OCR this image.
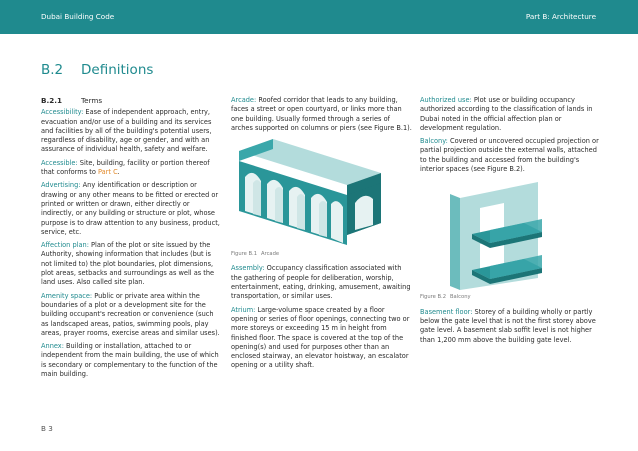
Dubai Building Code	Part B: Architecture
B.2 Definitions
B.2.1	Terms

Accessibility: Ease of independent approach, entry, evacuation and/or use of a building and its services and facilities by all of the building's potential users, regardless of disability, age or gender, and with an assurance of individual health, safety and welfare.

Accessible: Site, building, facility or portion thereof that conforms to Part C.

Advertising: Any identification or description or drawing or any other means to be fitted or erected or printed or written or drawn, either directly or indirectly, or any building or structure or plot, whose purpose is to draw attention to any business, product, service, etc.

Affection plan: Plan of the plot or site issued by the Authority, showing information that includes (but is not limited to) the plot boundaries, plot dimensions, plot areas, setbacks and surroundings as well as the land uses. Also called site plan.

Amenity space: Public or private area within the boundaries of a plot or a development site for the building occupant's recreation or convenience (such as landscaped areas, patios, swimming pools, play areas, prayer rooms, exercise areas and similar uses).

Annex: Building or installation, attached to or independent from the main building, the use of which is secondary or complementary to the function of the main building.

Arcade: Roofed corridor that leads to any building, faces a street or open courtyard, or links more than one building. Usually formed through a series of arches supported on columns or piers (see Figure B.1).

Figure B.1 Arcade

Assembly: Occupancy classification associated with the gathering of people for deliberation, worship, entertainment, eating, drinking, amusement, awaiting transportation, or similar uses.

Atrium: Large-volume space created by a floor opening or series of floor openings, connecting two or more storeys or exceeding 15 m in height from finished floor. The space is covered at the top of the opening(s) and used for purposes other than an enclosed stairway, an elevator hoistway, an escalator opening or a utility shaft.

Authorized use: Plot use or building occupancy authorized according to the classification of lands in Dubai noted in the official affection plan or development regulation.

Balcony: Covered or uncovered occupied projection or partial projection outside the external walls, attached to the building and accessed from the building's interior spaces (see Figure B.2).

Figure B.2 Balcony

Basement floor: Storey of a building wholly or partly below the gate level that is not the first storey above gate level. A basement slab soffit level is not higher than 1,200 mm above the building gate level.

B 3
